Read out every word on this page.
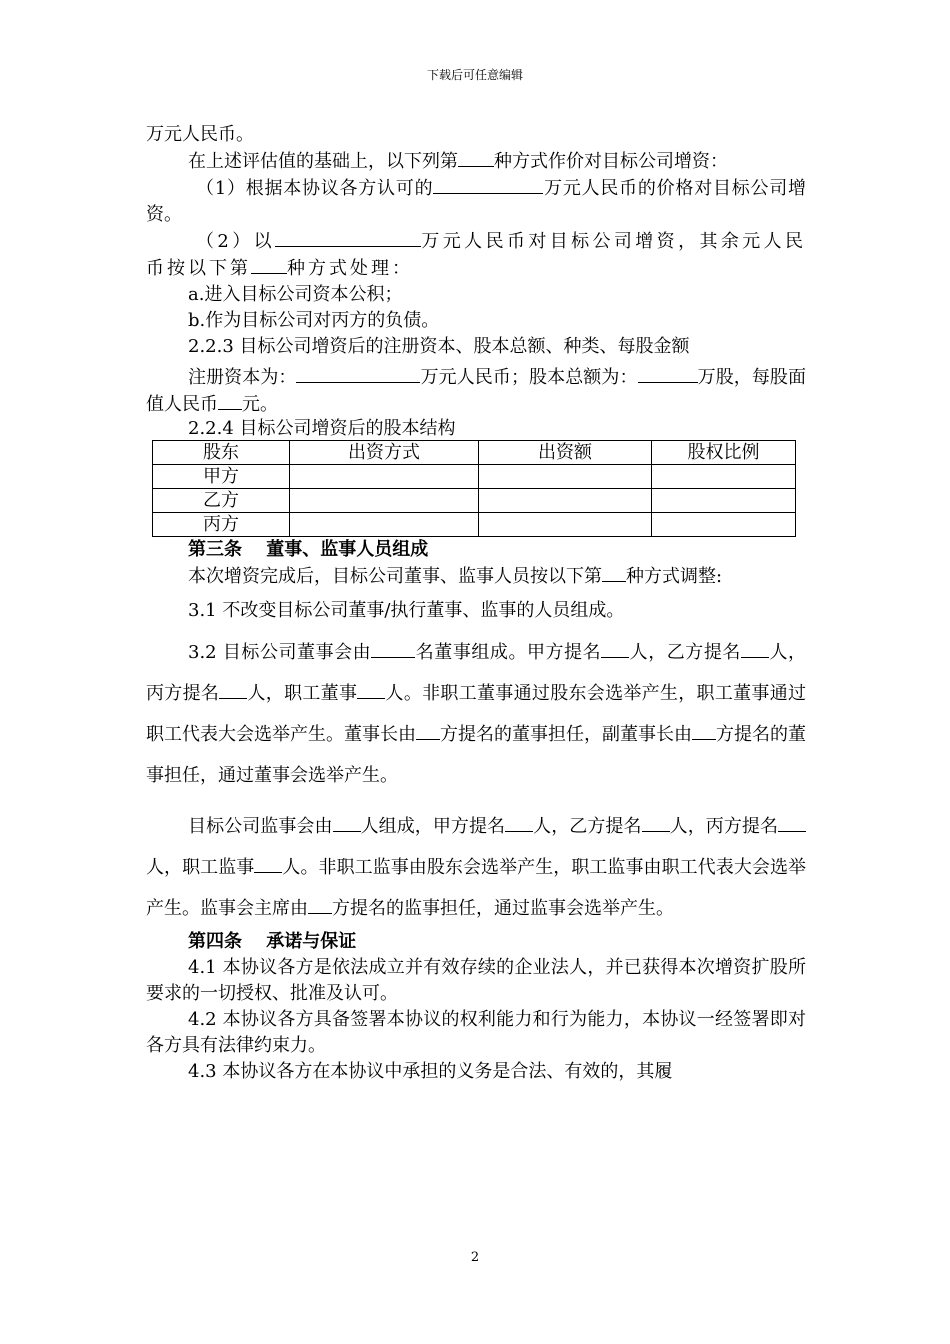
下载后可任意编辑

万元人民币。

在上述评估值的基础上，以下列第 种方式作价对目标公司增资：

（1）根据本协议各方认可的	万元人民币的价格对目标公司增资。

（2）以	万元人民币对目标公司增资，其余元人民币按以下第 种方式处理：

a.进入目标公司资本公积；

b.作为目标公司对丙方的负债。

2.2.3 目标公司增资后的注册资本、股本总额、种类、每股金额

注册资本为：	万元人民币；股本总额为：	万股，每股面值人民币 元。

2.2.4 目标公司增资后的股本结构

股东	出资方式	出资额	股权比例
甲方			
乙方			
丙方			

第三条　 董事、监事人员组成

本次增资完成后，目标公司董事、监事人员按以下第 种方式调整:

3.1 不改变目标公司董事/执行董事、监事的人员组成。

3.2 目标公司董事会由 名董事组成。甲方提名 人，乙方提名 人，丙方提名 人，职工董事 人。非职工董事通过股东会选举产生，职工董事通过职工代表大会选举产生。董事长由 方提名的董事担任，副董事长由 方提名的董事担任，通过董事会选举产生。

目标公司监事会由 人组成，甲方提名 人，乙方提名 人，丙方提名人，职工监事 人。非职工监事由股东会选举产生，职工监事由职工代表大会选举产生。监事会主席由 方提名的监事担任，通过监事会选举产生。

第四条　 承诺与保证

4.1 本协议各方是依法成立并有效存续的企业法人，并已获得本次增资扩股所要求的一切授权、批准及认可。

4.2 本协议各方具备签署本协议的权利能力和行为能力，本协议一经签署即对各方具有法律约束力。

4.3 本协议各方在本协议中承担的义务是合法、有效的，其履

2
